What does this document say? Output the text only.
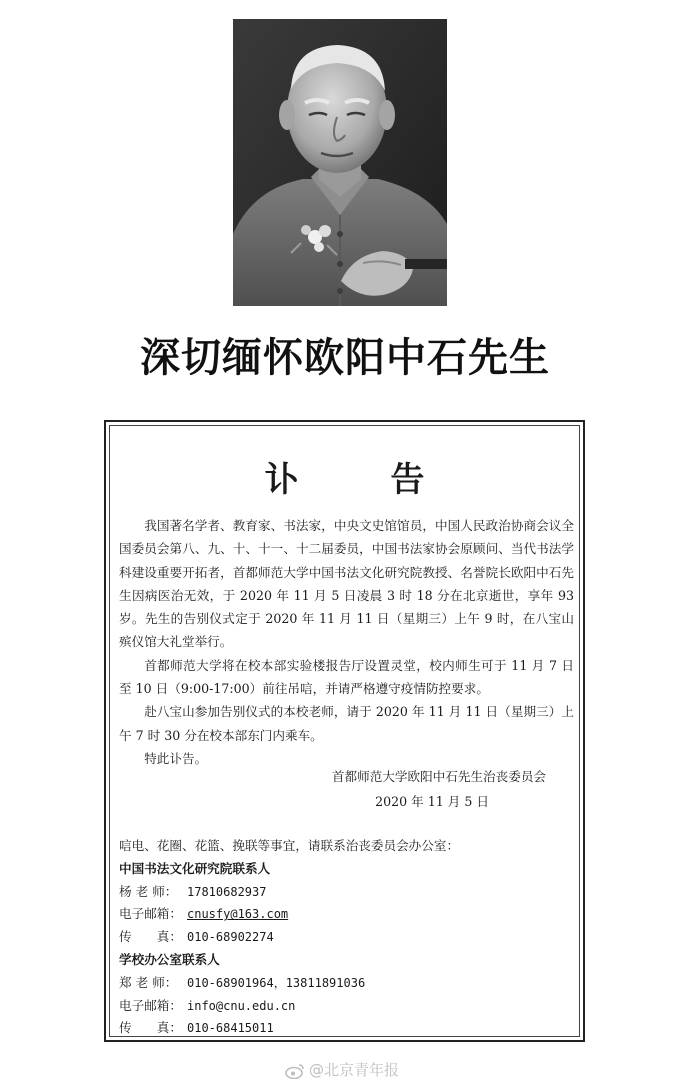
深切缅怀欧阳中石先生
讣 告

我国著名学者、教育家、书法家，中央文史馆馆员，中国人民政治协商会议全国委员会第八、九、十、十一、十二届委员，中国书法家协会原顾问、当代书法学科建设重要开拓者，首都师范大学中国书法文化研究院教授、名誉院长欧阳中石先生因病医治无效，于 2020 年 11 月 5 日凌晨 3 时 18 分在北京逝世，享年 93 岁。先生的告别仪式定于 2020 年 11 月 11 日（星期三）上午 9 时，在八宝山殡仪馆大礼堂举行。

首都师范大学将在校本部实验楼报告厅设置灵堂，校内师生可于 11 月 7 日至 10 日（9:00-17:00）前往吊唁，并请严格遵守疫情防控要求。

赴八宝山参加告别仪式的本校老师，请于 2020 年 11 月 11 日（星期三）上午 7 时 30 分在校本部东门内乘车。

特此讣告。

首都师范大学欧阳中石先生治丧委员会
2020 年 11 月 5 日
唁电、花圈、花篮、挽联等事宜，请联系治丧委员会办公室：
中国书法文化研究院联系人
杨 老 师： 17810682937
电子邮箱： cnusfy@163.com
传　　真： 010-68902274
学校办公室联系人
郑 老 师： 010-68901964，13811891036
电子邮箱： info@cnu.edu.cn
传　　真： 010-68415011
@北京青年报
